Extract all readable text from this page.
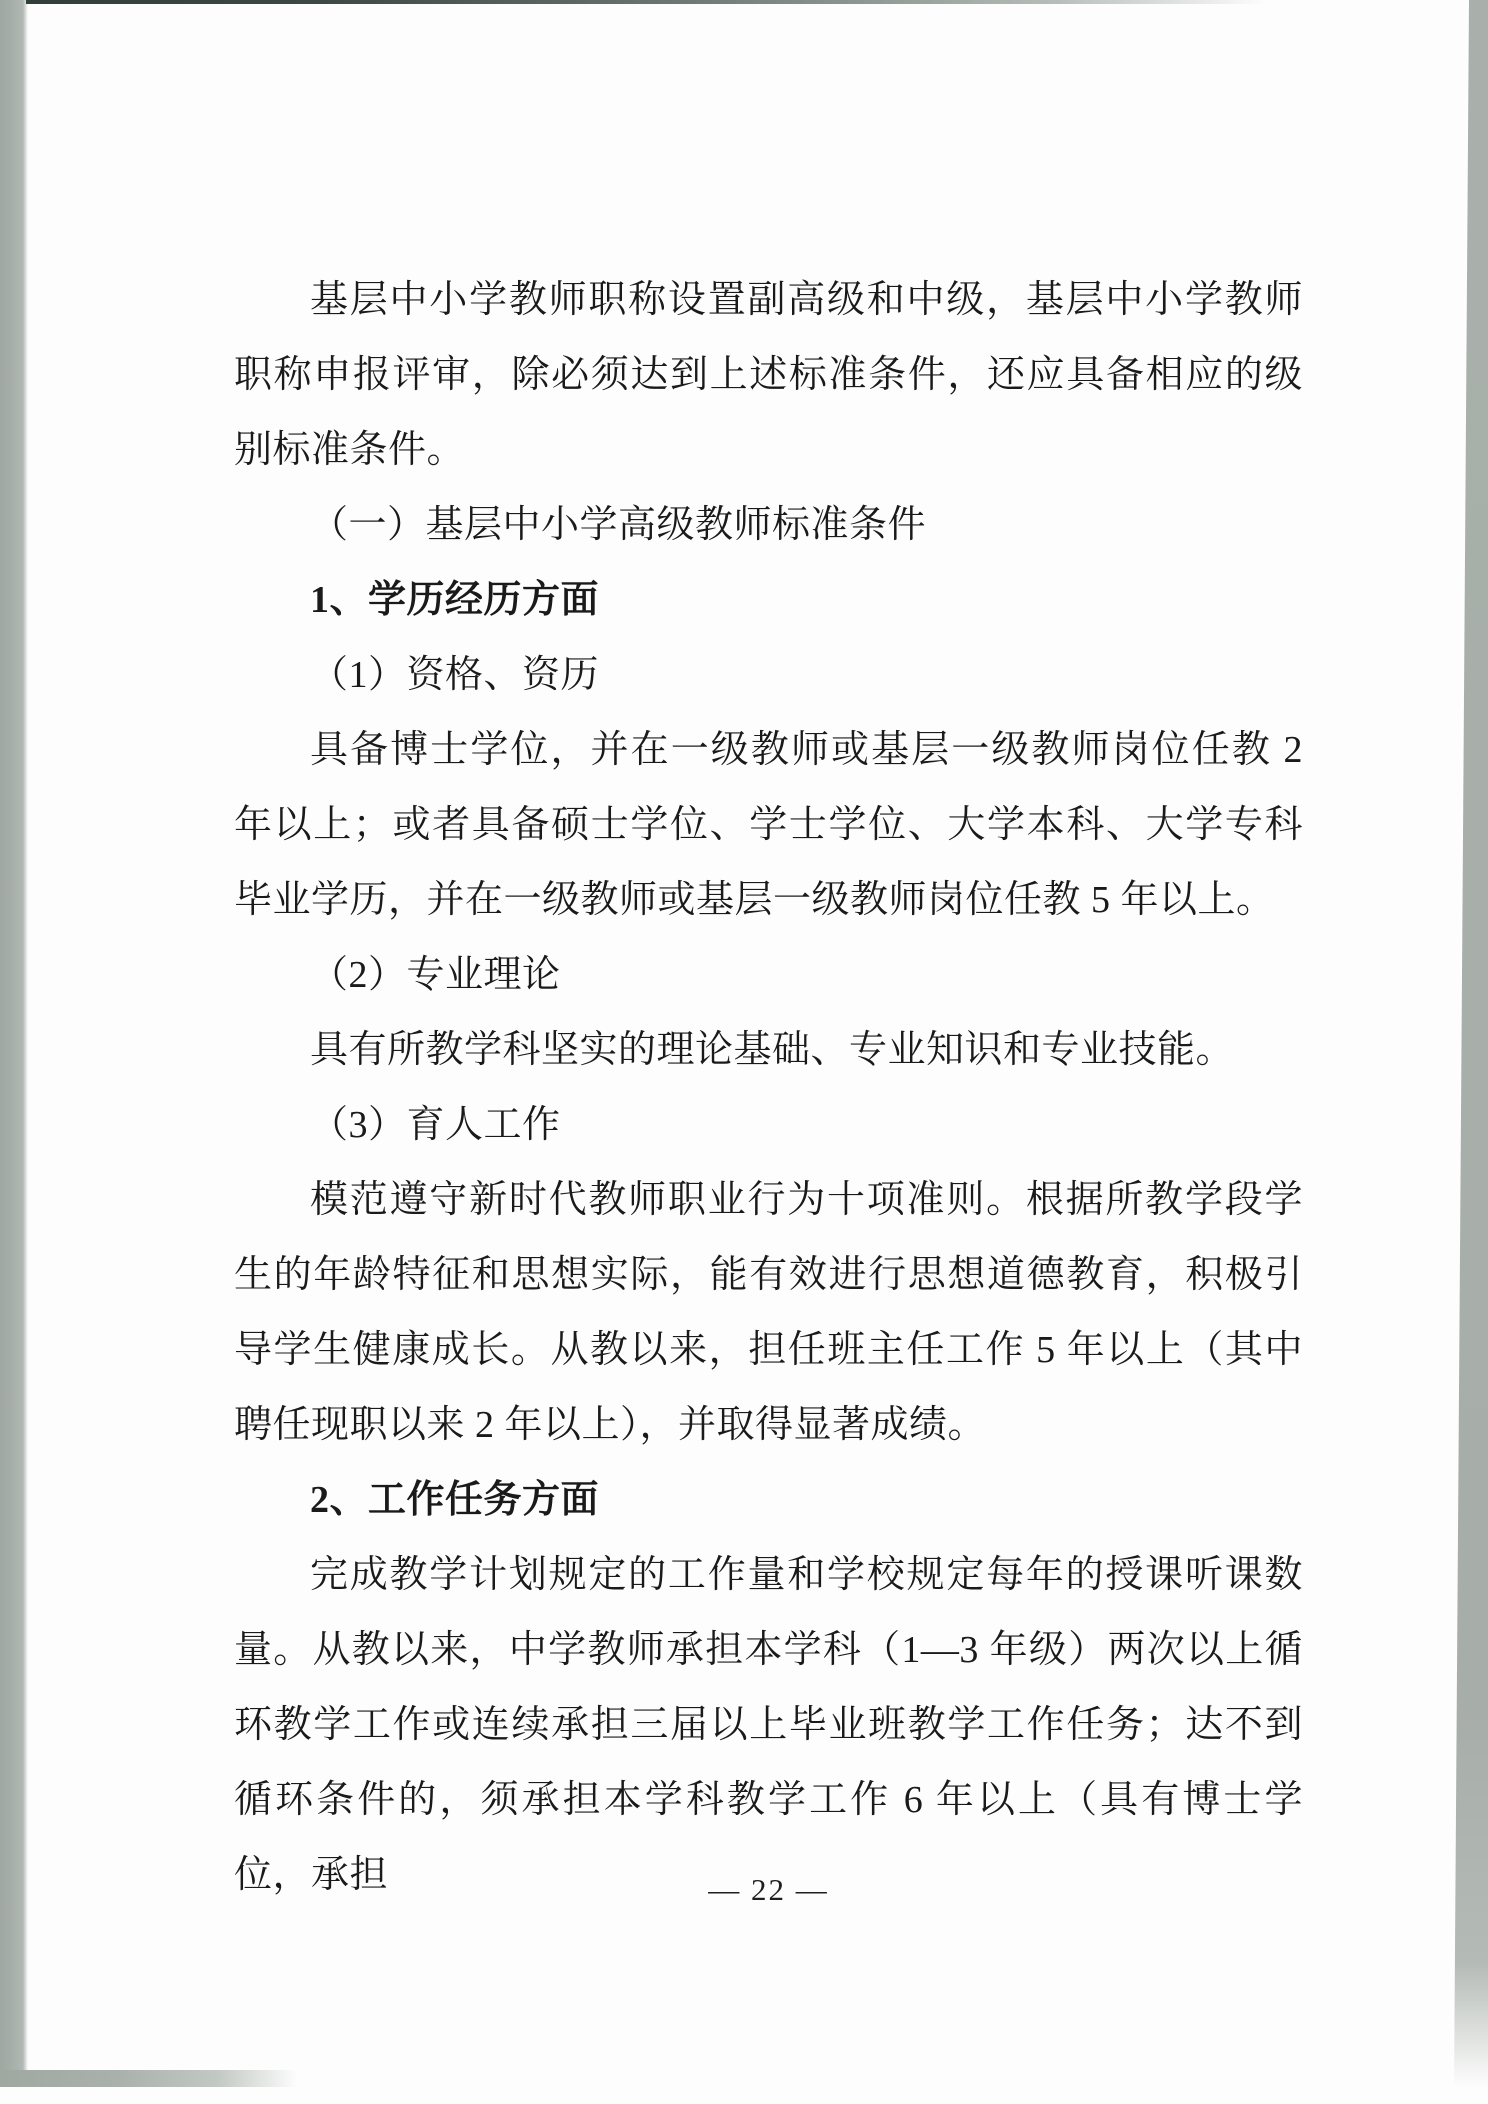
基层中小学教师职称设置副高级和中级，基层中小学教师职称申报评审，除必须达到上述标准条件，还应具备相应的级别标准条件。

（一）基层中小学高级教师标准条件

1、学历经历方面

（1）资格、资历

具备博士学位，并在一级教师或基层一级教师岗位任教 2 年以上；或者具备硕士学位、学士学位、大学本科、大学专科毕业学历，并在一级教师或基层一级教师岗位任教 5 年以上。

（2）专业理论

具有所教学科坚实的理论基础、专业知识和专业技能。

（3）育人工作

模范遵守新时代教师职业行为十项准则。根据所教学段学生的年龄特征和思想实际，能有效进行思想道德教育，积极引导学生健康成长。从教以来，担任班主任工作 5 年以上（其中聘任现职以来 2 年以上），并取得显著成绩。

2、工作任务方面

完成教学计划规定的工作量和学校规定每年的授课听课数量。从教以来，中学教师承担本学科（1—3 年级）两次以上循环教学工作或连续承担三届以上毕业班教学工作任务；达不到循环条件的，须承担本学科教学工作 6 年以上（具有博士学位，承担	— 22 —
